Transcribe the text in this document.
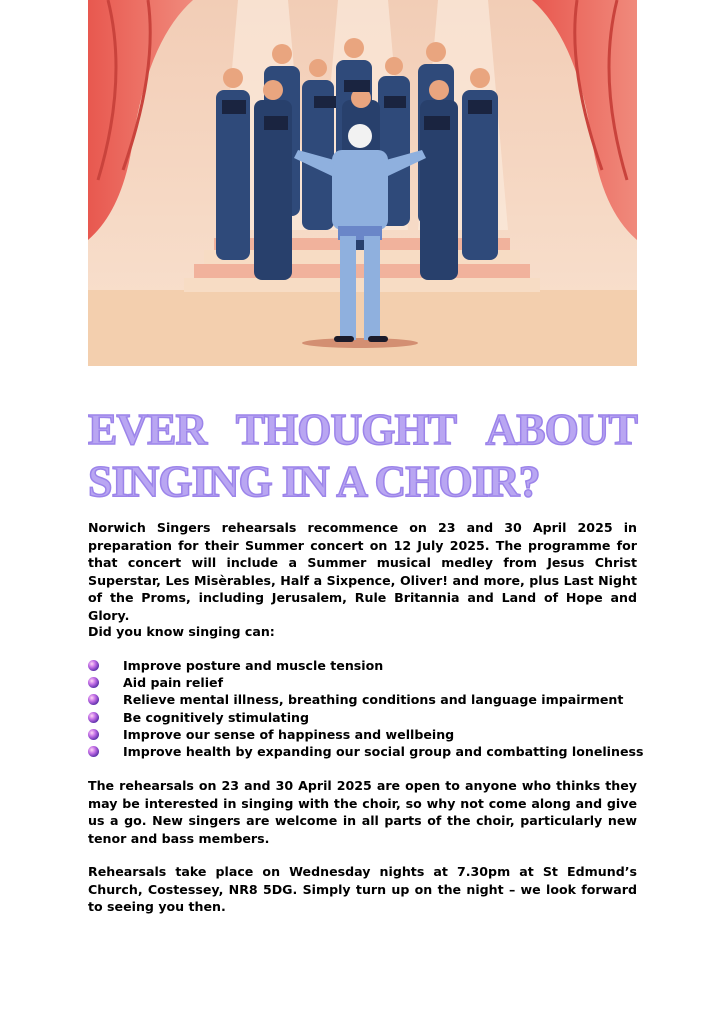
EVER THOUGHT ABOUT
SINGING IN A CHOIR?

Norwich Singers rehearsals recommence on 23 and 30 April 2025 in preparation for their Summer concert on 12 July 2025. The programme for that concert will include a Summer musical medley from Jesus Christ Superstar, Les Misèrables, Half a Sixpence, Oliver! and more, plus Last Night of the Proms, including Jerusalem, Rule Britannia and Land of Hope and Glory.

Did you know singing can:

Improve posture and muscle tension
Aid pain relief
Relieve mental illness, breathing conditions and language impairment
Be cognitively stimulating
Improve our sense of happiness and wellbeing
Improve health by expanding our social group and combatting loneliness

The rehearsals on 23 and 30 April 2025 are open to anyone who thinks they may be interested in singing with the choir, so why not come along and give us a go. New singers are welcome in all parts of the choir, particularly new tenor and bass members.

Rehearsals take place on Wednesday nights at 7.30pm at St Edmund’s Church, Costessey, NR8 5DG. Simply turn up on the night – we look forward to seeing you then.
